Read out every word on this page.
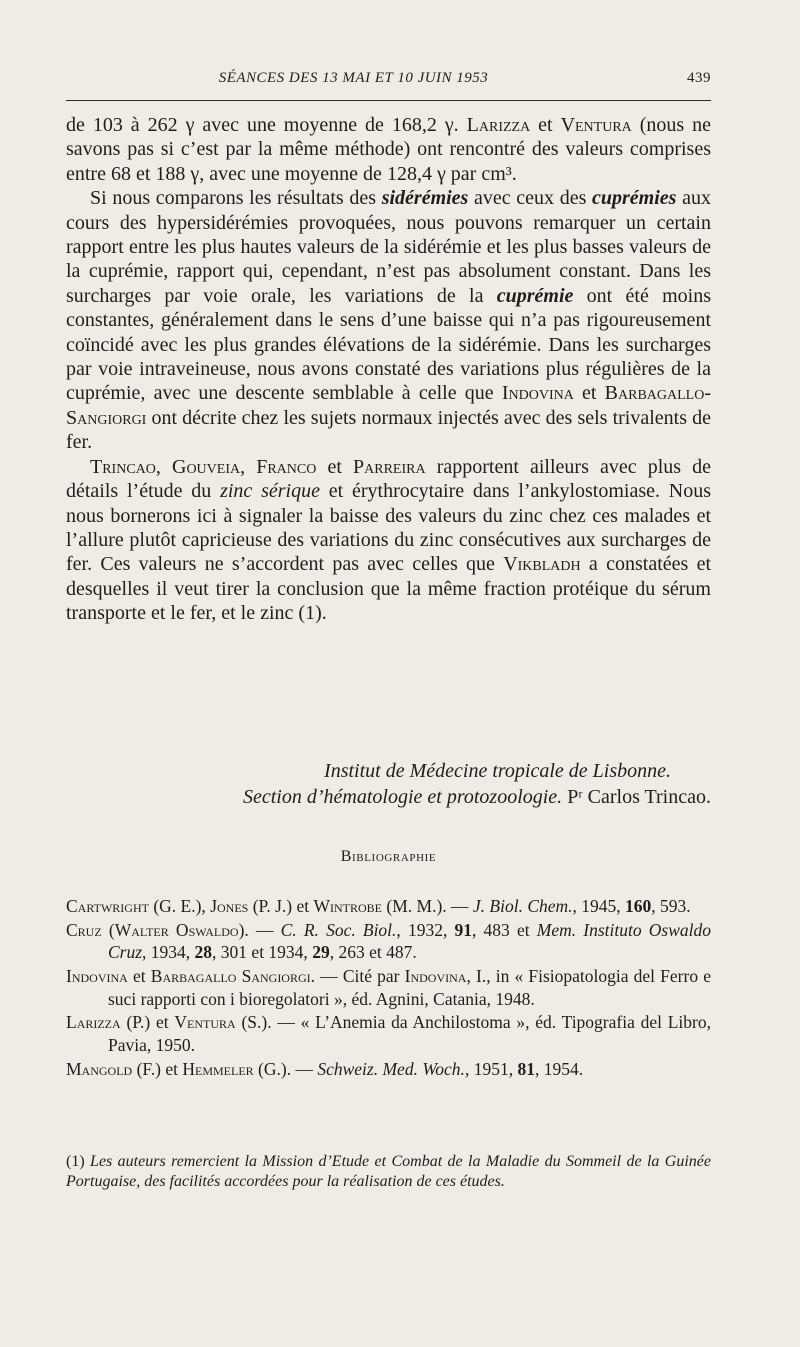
SÉANCES DES 13 MAI ET 10 JUIN 1953	439

de 103 à 262 γ avec une moyenne de 168,2 γ. Larizza et Ventura (nous ne savons pas si c’est par la même méthode) ont rencontré des valeurs comprises entre 68 et 188 γ, avec une moyenne de 128,4 γ par cm³.

Si nous comparons les résultats des sidérémies avec ceux des cuprémies aux cours des hypersidérémies provoquées, nous pouvons remarquer un certain rapport entre les plus hautes valeurs de la sidérémie et les plus basses valeurs de la cuprémie, rapport qui, cependant, n’est pas absolument constant. Dans les surcharges par voie orale, les variations de la cuprémie ont été moins constantes, généralement dans le sens d’une baisse qui n’a pas rigoureusement coïncidé avec les plus grandes élévations de la sidérémie. Dans les surcharges par voie intraveineuse, nous avons constaté des variations plus régulières de la cuprémie, avec une descente semblable à celle que Indovina et Barbagallo-Sangiorgi ont décrite chez les sujets normaux injectés avec des sels trivalents de fer.

Trincao, Gouveia, Franco et Parreira rapportent ailleurs avec plus de détails l’étude du zinc sérique et érythrocytaire dans l’ankylostomiase. Nous nous bornerons ici à signaler la baisse des valeurs du zinc chez ces malades et l’allure plutôt capricieuse des variations du zinc consécutives aux surcharges de fer. Ces valeurs ne s’accordent pas avec celles que Vikbladh a constatées et desquelles il veut tirer la conclusion que la même fraction protéique du sérum transporte et le fer, et le zinc (1).

Institut de Médecine tropicale de Lisbonne.
Section d’hématologie et protozoologie. Pʳ Carlos Trincao.
Bibliographie
Cartwright (G. E.), Jones (P. J.) et Wintrobe (M. M.). — J. Biol. Chem., 1945, 160, 593.
Cruz (Walter Oswaldo). — C. R. Soc. Biol., 1932, 91, 483 et Mem. Instituto Oswaldo Cruz, 1934, 28, 301 et 1934, 29, 263 et 487.
Indovina et Barbagallo Sangiorgi. — Cité par Indovina, I., in « Fisiopatologia del Ferro e suci rapporti con i bioregolatori », éd. Agnini, Catania, 1948.
Larizza (P.) et Ventura (S.). — « L’Anemia da Anchilostoma », éd. Tipografia del Libro, Pavia, 1950.
Mangold (F.) et Hemmeler (G.). — Schweiz. Med. Woch., 1951, 81, 1954.
(1) Les auteurs remercient la Mission d’Etude et Combat de la Maladie du Sommeil de la Guinée Portugaise, des facilités accordées pour la réalisation de ces études.
